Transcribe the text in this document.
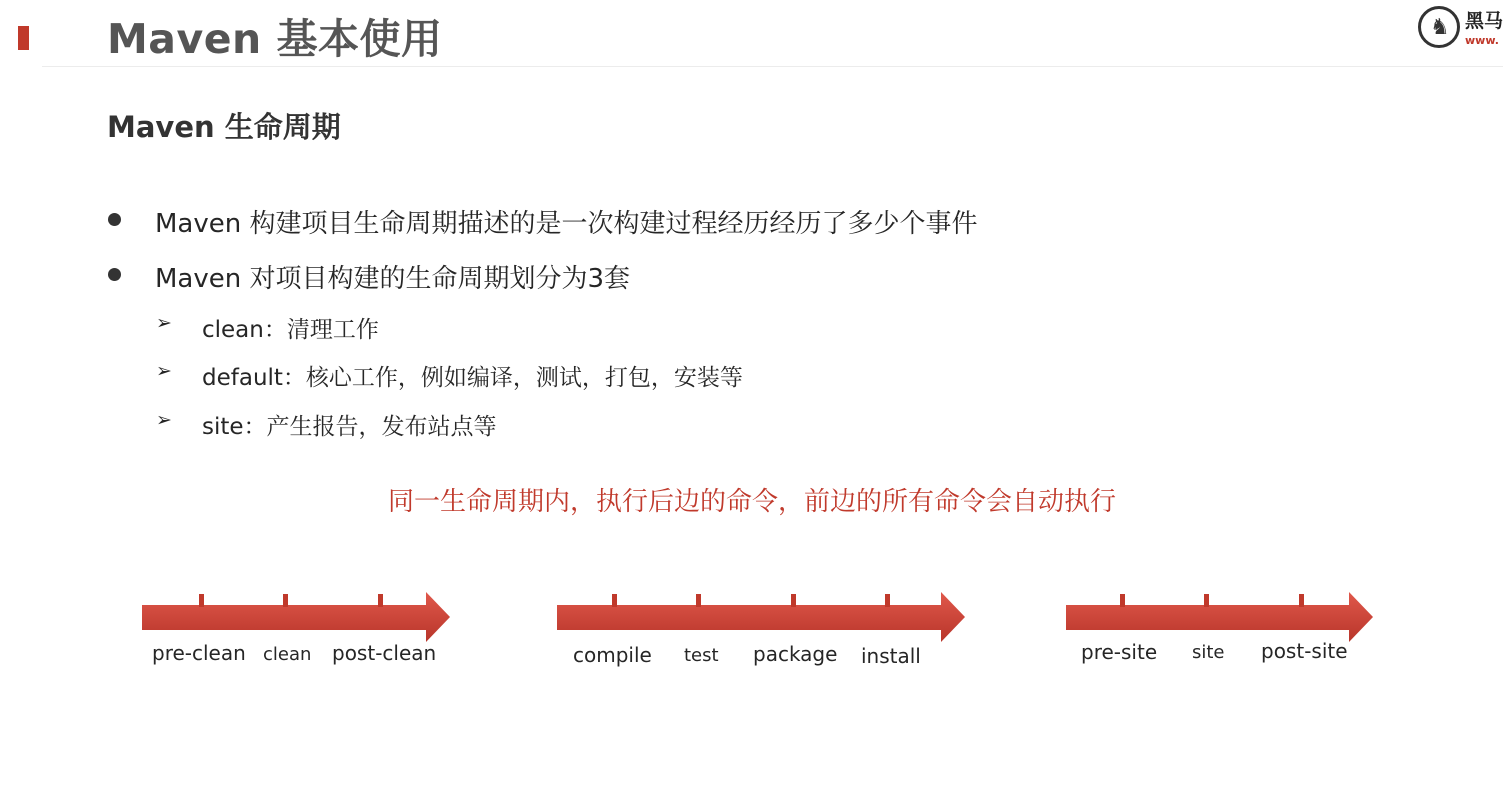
Maven 基本使用	♞ 黑马
www.
Maven 生命周期
Maven 构建项目生命周期描述的是一次构建过程经历经历了多少个事件
Maven 对项目构建的生命周期划分为3套
➢ clean：清理工作
➢ default：核心工作，例如编译，测试，打包，安装等
➢ site：产生报告，发布站点等
同一生命周期内，执行后边的命令，前边的所有命令会自动执行
pre-clean clean post-clean	compile test package install	pre-site site post-site
